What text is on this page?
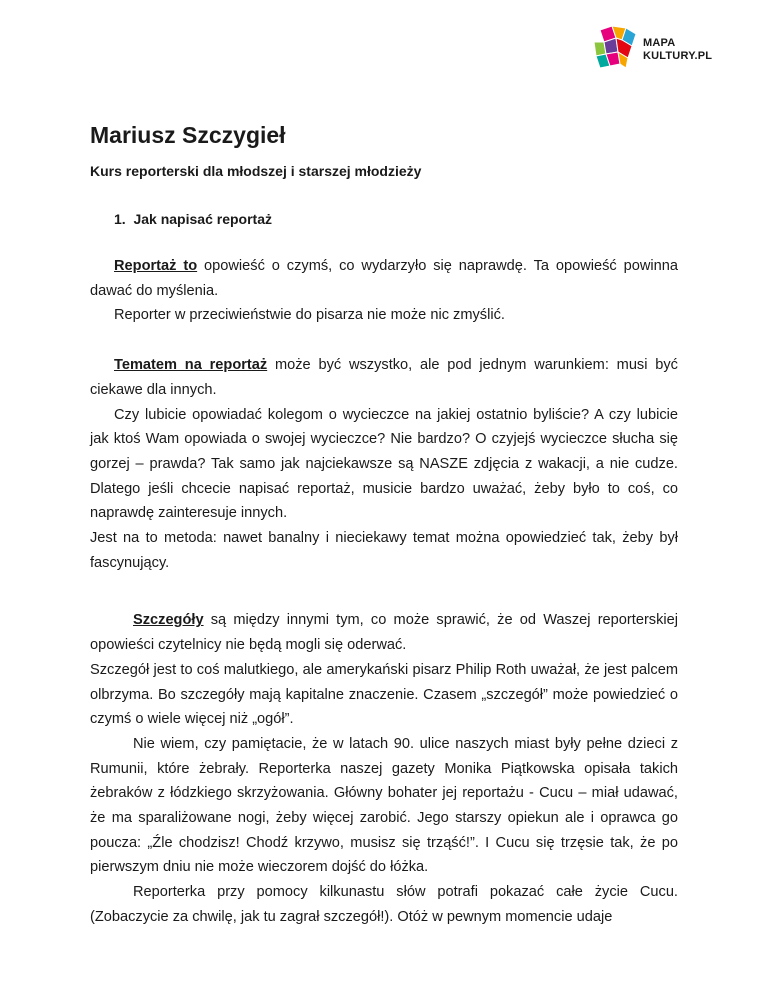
MAPA
KULTURY.PL
Mariusz Szczygieł
Kurs reporterski dla młodszej i starszej młodzieży
1. Jak napisać reportaż

Reportaż to opowieść o czymś, co wydarzyło się naprawdę. Ta opowieść powinna dawać do myślenia.

Reporter w przeciwieństwie do pisarza nie może nic zmyślić.

Tematem na reportaż może być wszystko, ale pod jednym warunkiem: musi być ciekawe dla innych.

Czy lubicie opowiadać kolegom o wycieczce na jakiej ostatnio byliście? A czy lubicie jak ktoś Wam opowiada o swojej wycieczce? Nie bardzo? O czyjejś wycieczce słucha się gorzej – prawda? Tak samo jak najciekawsze są NASZE zdjęcia z wakacji, a nie cudze. Dlatego jeśli chcecie napisać reportaż, musicie bardzo uważać, żeby było to coś, co naprawdę zainteresuje innych.

Jest na to metoda: nawet banalny i nieciekawy temat można opowiedzieć tak, żeby był fascynujący.

Szczegóły są między innymi tym, co może sprawić, że od Waszej reporterskiej opowieści czytelnicy nie będą mogli się oderwać.

Szczegół jest to coś malutkiego, ale amerykański pisarz Philip Roth uważał, że jest palcem olbrzyma. Bo szczegóły mają kapitalne znaczenie. Czasem „szczegół” może powiedzieć o czymś o wiele więcej niż „ogół”.

Nie wiem, czy pamiętacie, że w latach 90. ulice naszych miast były pełne dzieci z Rumunii, które żebrały. Reporterka naszej gazety Monika Piątkowska opisała takich żebraków z łódzkiego skrzyżowania. Główny bohater jej reportażu - Cucu – miał udawać, że ma sparaliżowane nogi, żeby więcej zarobić. Jego starszy opiekun ale i oprawca go poucza: „Źle chodzisz! Chodź krzywo, musisz się trząść!”. I Cucu się trzęsie tak, że po pierwszym dniu nie może wieczorem dojść do łóżka.

Reporterka przy pomocy kilkunastu słów potrafi pokazać całe życie Cucu. (Zobaczycie za chwilę, jak tu zagrał szczegół!). Otóż w pewnym momencie udaje
